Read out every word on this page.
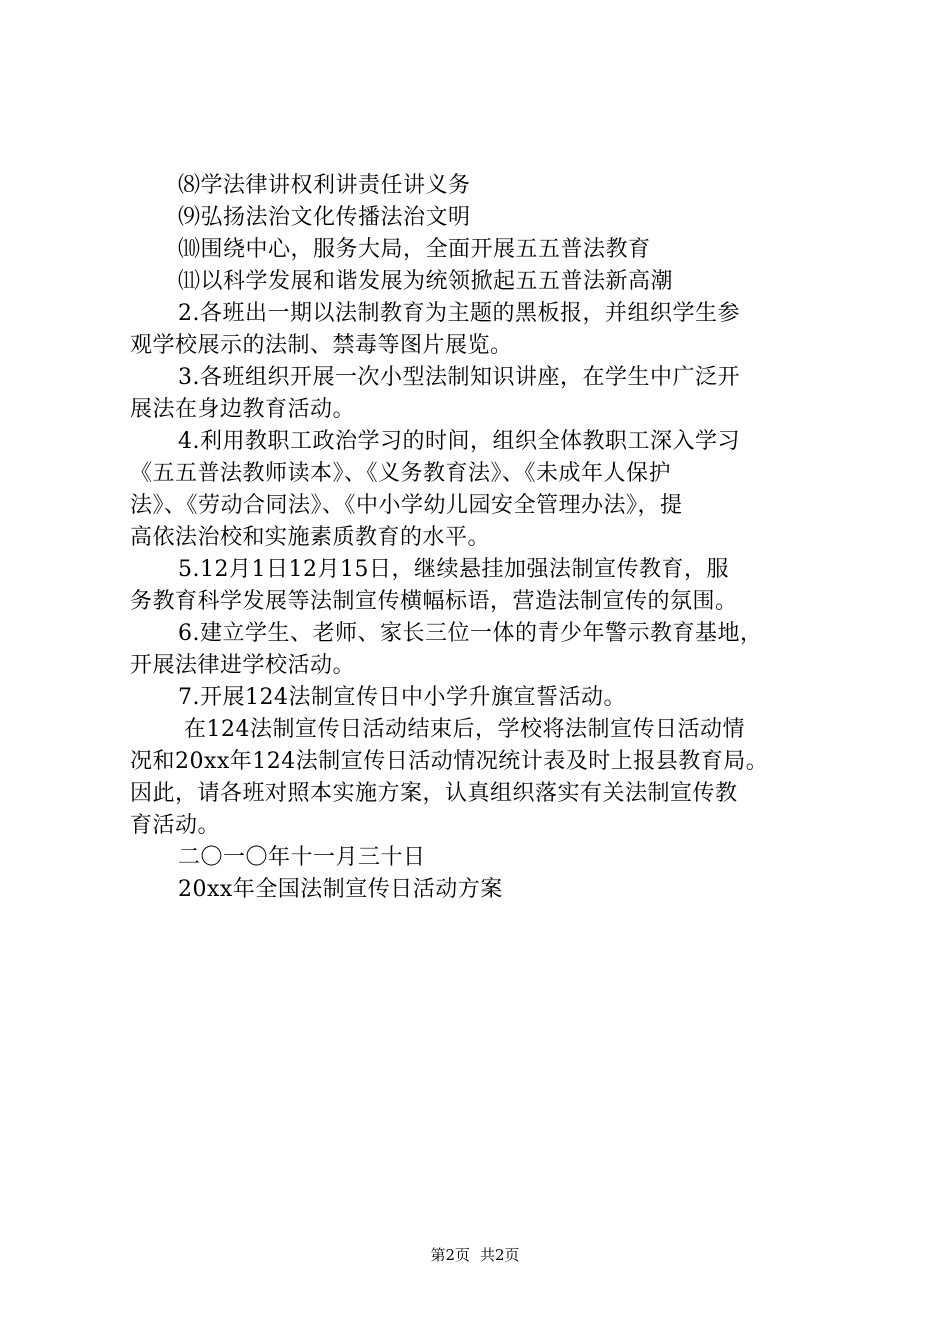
⑻学法律讲权利讲责任讲义务
⑼弘扬法治文化传播法治文明
⑽围绕中心，服务大局，全面开展五五普法教育
⑾以科学发展和谐发展为统领掀起五五普法新高潮
2.各班出一期以法制教育为主题的黑板报，并组织学生参
观学校展示的法制、禁毒等图片展览。
3.各班组织开展一次小型法制知识讲座，在学生中广泛开
展法在身边教育活动。
4.利用教职工政治学习的时间，组织全体教职工深入学习
《五五普法教师读本》、《义务教育法》、《未成年人保护
法》、《劳动合同法》、《中小学幼儿园安全管理办法》，提
高依法治校和实施素质教育的水平。
5.12月1日12月15日，继续悬挂加强法制宣传教育，服
务教育科学发展等法制宣传横幅标语，营造法制宣传的氛围。
6.建立学生、老师、家长三位一体的青少年警示教育基地，
开展法律进学校活动。
7.开展124法制宣传日中小学升旗宣誓活动。
在124法制宣传日活动结束后，学校将法制宣传日活动情
况和20xx年124法制宣传日活动情况统计表及时上报县教育局。
因此，请各班对照本实施方案，认真组织落实有关法制宣传教
育活动。
二〇一〇年十一月三十日
20xx年全国法制宣传日活动方案
第2页 共2页
